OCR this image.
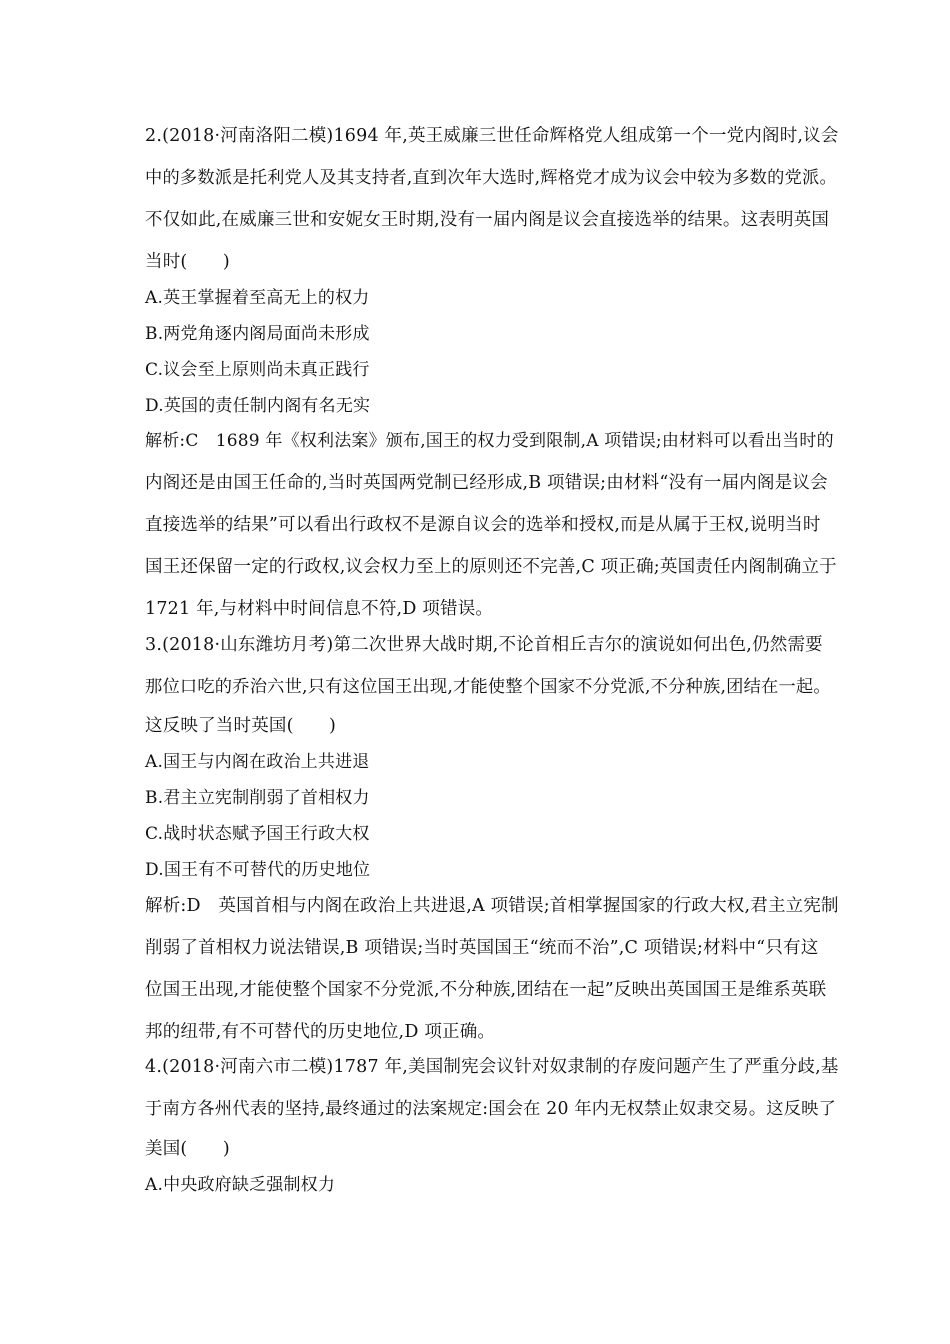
2.(2018·河南洛阳二模)1694 年,英王威廉三世任命辉格党人组成第一个一党内阁时,议会
中的多数派是托利党人及其支持者,直到次年大选时,辉格党才成为议会中较为多数的党派。
不仅如此,在威廉三世和安妮女王时期,没有一届内阁是议会直接选举的结果。这表明英国
当时(　　)
A.英王掌握着至高无上的权力
B.两党角逐内阁局面尚未形成
C.议会至上原则尚未真正践行
D.英国的责任制内阁有名无实
解析:C　1689 年《权利法案》颁布,国王的权力受到限制,A 项错误;由材料可以看出当时的
内阁还是由国王任命的,当时英国两党制已经形成,B 项错误;由材料“没有一届内阁是议会
直接选举的结果”可以看出行政权不是源自议会的选举和授权,而是从属于王权,说明当时
国王还保留一定的行政权,议会权力至上的原则还不完善,C 项正确;英国责任内阁制确立于
1721 年,与材料中时间信息不符,D 项错误。
3.(2018·山东潍坊月考)第二次世界大战时期,不论首相丘吉尔的演说如何出色,仍然需要
那位口吃的乔治六世,只有这位国王出现,才能使整个国家不分党派,不分种族,团结在一起。
这反映了当时英国(　　)
A.国王与内阁在政治上共进退
B.君主立宪制削弱了首相权力
C.战时状态赋予国王行政大权
D.国王有不可替代的历史地位
解析:D　英国首相与内阁在政治上共进退,A 项错误;首相掌握国家的行政大权,君主立宪制
削弱了首相权力说法错误,B 项错误;当时英国国王“统而不治”,C 项错误;材料中“只有这
位国王出现,才能使整个国家不分党派,不分种族,团结在一起”反映出英国国王是维系英联
邦的纽带,有不可替代的历史地位,D 项正确。
4.(2018·河南六市二模)1787 年,美国制宪会议针对奴隶制的存废问题产生了严重分歧,基
于南方各州代表的坚持,最终通过的法案规定:国会在 20 年内无权禁止奴隶交易。这反映了
美国(　　)
A.中央政府缺乏强制权力
